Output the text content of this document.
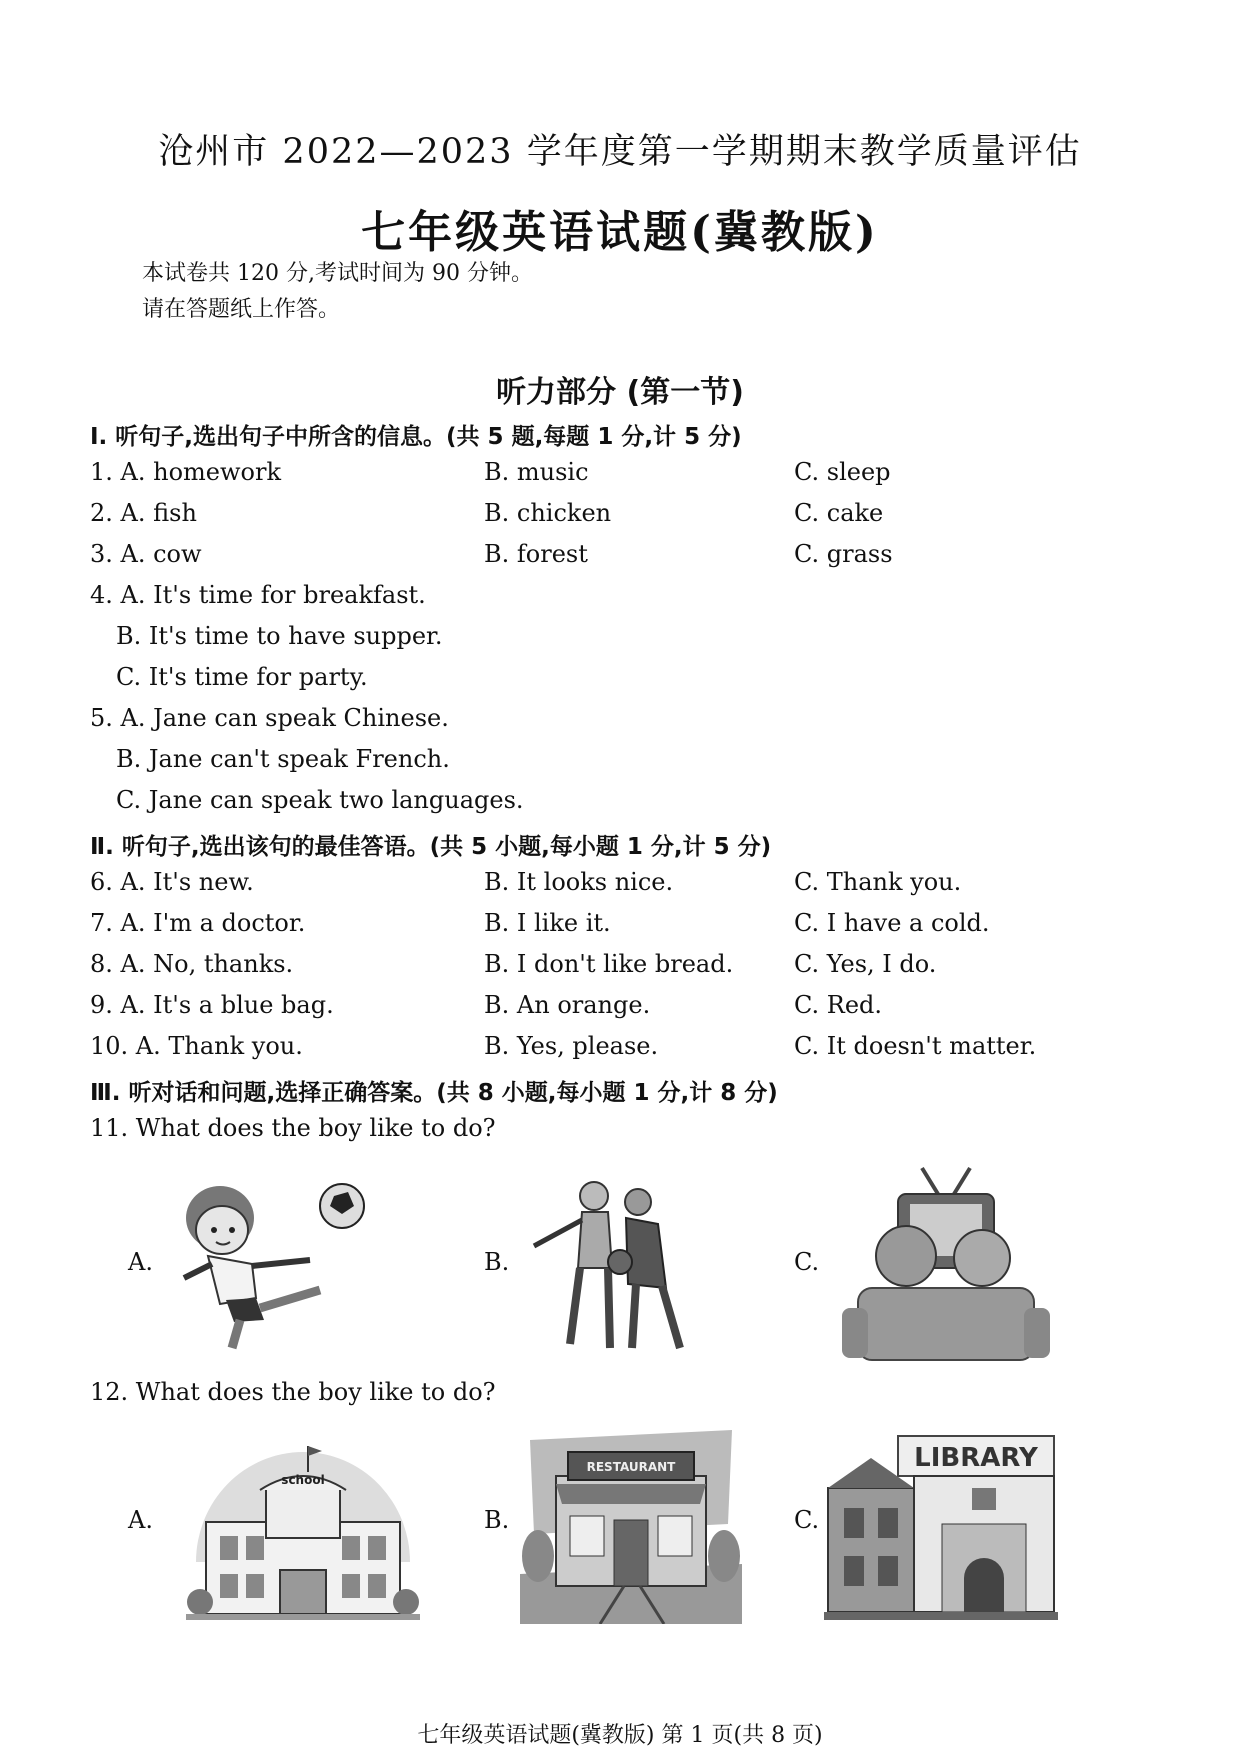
沧州市 2022—2023 学年度第一学期期末教学质量评估
七年级英语试题(冀教版)
本试卷共 120 分,考试时间为 90 分钟。
请在答题纸上作答。
听力部分 (第一节)
Ⅰ. 听句子,选出句子中所含的信息。(共 5 题,每题 1 分,计 5 分)
1. A. homework	B. music	C. sleep
2. A. fish	B. chicken	C. cake
3. A. cow	B. forest	C. grass
4. A. It's time for breakfast.
B. It's time to have supper.
C. It's time for party.
5. A. Jane can speak Chinese.
B. Jane can't speak French.
C. Jane can speak two languages.
Ⅱ. 听句子,选出该句的最佳答语。(共 5 小题,每小题 1 分,计 5 分)
6. A. It's new.	B. It looks nice.	C. Thank you.
7. A. I'm a doctor.	B. I like it.	C. I have a cold.
8. A. No, thanks.	B. I don't like bread.	C. Yes, I do.
9. A. It's a blue bag.	B. An orange.	C. Red.
10. A. Thank you.	B. Yes, please.	C. It doesn't matter.
Ⅲ. 听对话和问题,选择正确答案。(共 8 小题,每小题 1 分,计 8 分)
11. What does the boy like to do?
A.	B.	C.
12. What does the boy like to do?
A.	B.	C.
school
RESTAURANT	LIBRARY
七年级英语试题(冀教版) 第 1 页(共 8 页)
